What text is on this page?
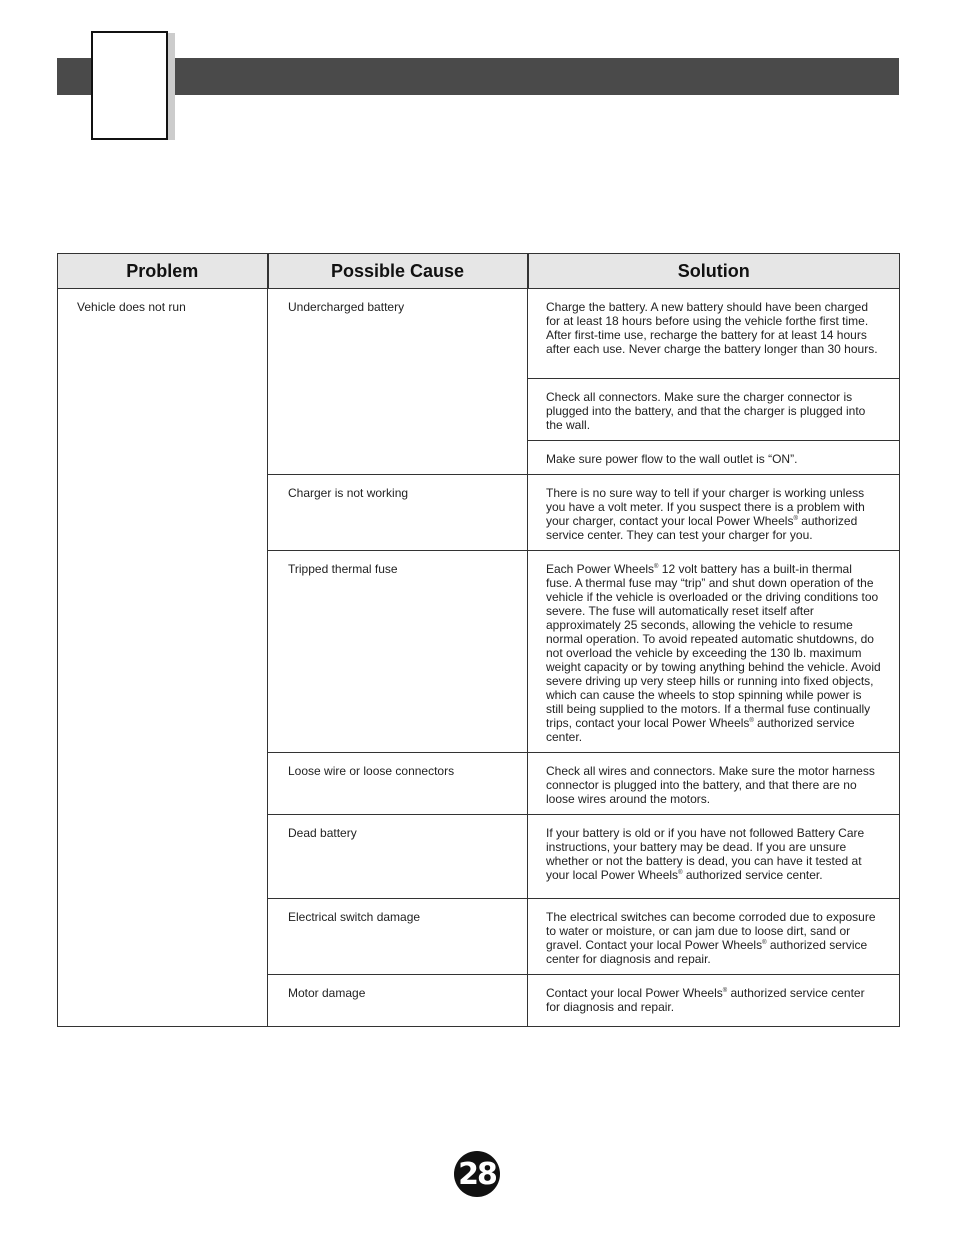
Problem	Possible Cause	Solution
Vehicle does not run	Undercharged battery	Charge the battery. A new battery should have been charged for at least 18 hours before using the vehicle forthe first time. After first-time use, recharge the battery for at least 14 hours after each use. Never charge the battery longer than 30 hours.
		Check all connectors. Make sure the charger connector is plugged into the battery, and that the charger is plugged into the wall.
		Make sure power flow to the wall outlet is “ON”.
	Charger is not working	There is no sure way to tell if your charger is working unless you have a volt meter. If you suspect there is a problem with your charger, contact your local Power Wheels® authorized service center. They can test your charger for you.
	Tripped thermal fuse	Each Power Wheels® 12 volt battery has a built-in thermal fuse. A thermal fuse may “trip” and shut down operation of the vehicle if the vehicle is overloaded or the driving conditions too severe. The fuse will automatically reset itself after approximately 25 seconds, allowing the vehicle to resume normal operation. To avoid repeated automatic shutdowns, do not overload the vehicle by exceeding the 130 lb. maximum weight capacity or by towing anything behind the vehicle. Avoid severe driving up very steep hills or running into fixed objects, which can cause the wheels to stop spinning while power is still being supplied to the motors. If a thermal fuse continually trips, contact your local Power Wheels® authorized service center.
	Loose wire or loose connectors	Check all wires and connectors. Make sure the motor harness connector is plugged into the battery, and that there are no loose wires around the motors.
	Dead battery	If your battery is old or if you have not followed Battery Care instructions, your battery may be dead. If you are unsure whether or not the battery is dead, you can have it tested at your local Power Wheels® authorized service center.
	Electrical switch damage	The electrical switches can become corroded due to exposure to water or moisture, or can jam due to loose dirt, sand or gravel. Contact your local Power Wheels® authorized service center for diagnosis and repair.
	Motor damage	Contact your local Power Wheels® authorized service center for diagnosis and repair.
28
